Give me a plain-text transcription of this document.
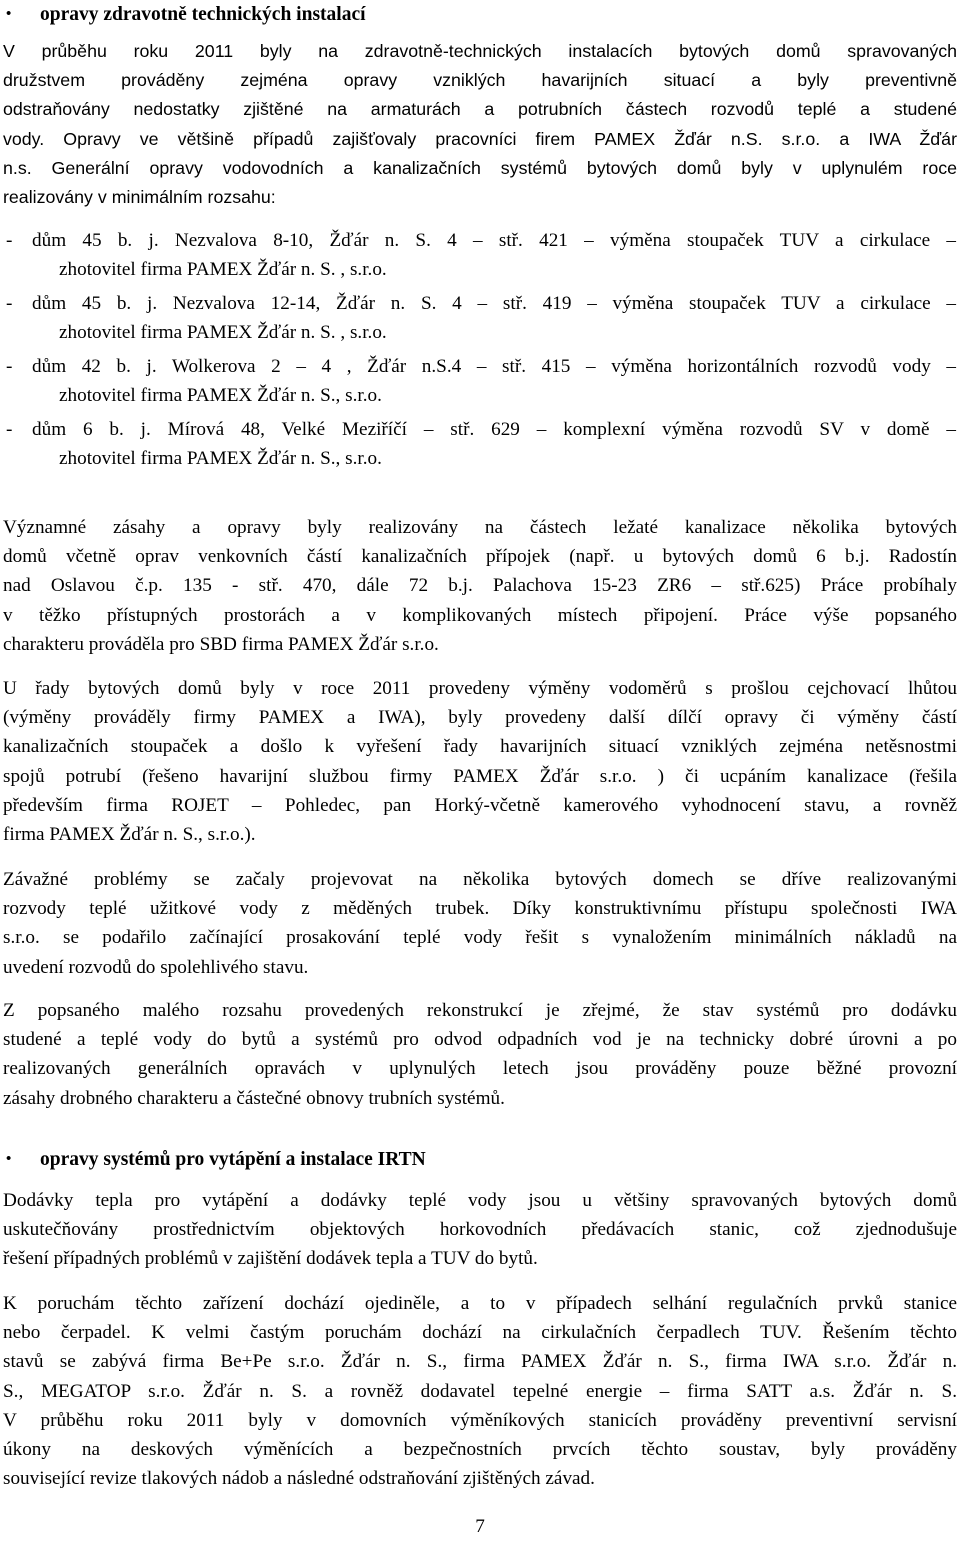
• opravy zdravotně technických instalací
V průběhu roku 2011 byly na zdravotně-technických instalacích bytových domů spravovaných
družstvem prováděny zejména opravy vzniklých havarijních situací a byly preventivně
odstraňovány nedostatky zjištěné na armaturách a potrubních částech rozvodů teplé a studené
vody. Opravy ve většině případů zajišťovaly pracovníci firem PAMEX Žďár n.S. s.r.o. a IWA Žďár
n.s. Generální opravy vodovodních a kanalizačních systémů bytových domů byly v uplynulém roce
realizovány v minimálním rozsahu:
- dům 45 b. j. Nezvalova 8-10, Žďár n. S. 4 – stř. 421 – výměna stoupaček TUV a cirkulace –
zhotovitel firma PAMEX Žďár n. S. , s.r.o.
- dům 45 b. j. Nezvalova 12-14, Žďár n. S. 4 – stř. 419 – výměna stoupaček TUV a cirkulace –
zhotovitel firma PAMEX Žďár n. S. , s.r.o.
- dům 42 b. j. Wolkerova 2 – 4 , Žďár n.S.4 – stř. 415 – výměna horizontálních rozvodů vody –
zhotovitel firma PAMEX Žďár n. S., s.r.o.
- dům 6 b. j. Mírová 48, Velké Meziříčí – stř. 629 – komplexní výměna rozvodů SV v domě –
zhotovitel firma PAMEX Žďár n. S., s.r.o.
Významné zásahy a opravy byly realizovány na částech ležaté kanalizace několika bytových
domů včetně oprav venkovních částí kanalizačních přípojek (např. u bytových domů 6 b.j. Radostín
nad Oslavou č.p. 135 - stř. 470, dále 72 b.j. Palachova 15-23 ZR6 – stř.625) Práce probíhaly
v těžko přístupných prostorách a v komplikovaných místech připojení. Práce výše popsaného
charakteru prováděla pro SBD firma PAMEX Žďár s.r.o.
U řady bytových domů byly v roce 2011 provedeny výměny vodoměrů s prošlou cejchovací lhůtou
(výměny prováděly firmy PAMEX a IWA), byly provedeny další dílčí opravy či výměny částí
kanalizačních stoupaček a došlo k vyřešení řady havarijních situací vzniklých zejména netěsnostmi
spojů potrubí (řešeno havarijní službou firmy PAMEX Žďár s.r.o. ) či ucpáním kanalizace (řešila
především firma ROJET – Pohledec, pan Horký-včetně kamerového vyhodnocení stavu, a rovněž
firma PAMEX Žďár n. S., s.r.o.).
Závažné problémy se začaly projevovat na několika bytových domech se dříve realizovanými
rozvody teplé užitkové vody z měděných trubek. Díky konstruktivnímu přístupu společnosti IWA
s.r.o. se podařilo začínající prosakování teplé vody řešit s vynaložením minimálních nákladů na
uvedení rozvodů do spolehlivého stavu.
Z popsaného malého rozsahu provedených rekonstrukcí je zřejmé, že stav systémů pro dodávku
studené a teplé vody do bytů a systémů pro odvod odpadních vod je na technicky dobré úrovni a po
realizovaných generálních opravách v uplynulých letech jsou prováděny pouze běžné provozní
zásahy drobného charakteru a částečné obnovy trubních systémů.
• opravy systémů pro vytápění a instalace IRTN
Dodávky tepla pro vytápění a dodávky teplé vody jsou u většiny spravovaných bytových domů
uskutečňovány prostřednictvím objektových horkovodních předávacích stanic, což zjednodušuje
řešení případných problémů v zajištění dodávek tepla a TUV do bytů.
K poruchám těchto zařízení dochází ojediněle, a to v případech selhání regulačních prvků stanice
nebo čerpadel. K velmi častým poruchám dochází na cirkulačních čerpadlech TUV. Řešením těchto
stavů se zabývá firma Be+Pe s.r.o. Žďár n. S., firma PAMEX Žďár n. S., firma IWA s.r.o. Žďár n.
S., MEGATOP s.r.o. Žďár n. S. a rovněž dodavatel tepelné energie – firma SATT a.s. Žďár n. S.
V průběhu roku 2011 byly v domovních výměníkových stanicích prováděny preventivní servisní
úkony na deskových výměnících a bezpečnostních prvcích těchto soustav, byly prováděny
související revize tlakových nádob a následné odstraňování zjištěných závad.
7
